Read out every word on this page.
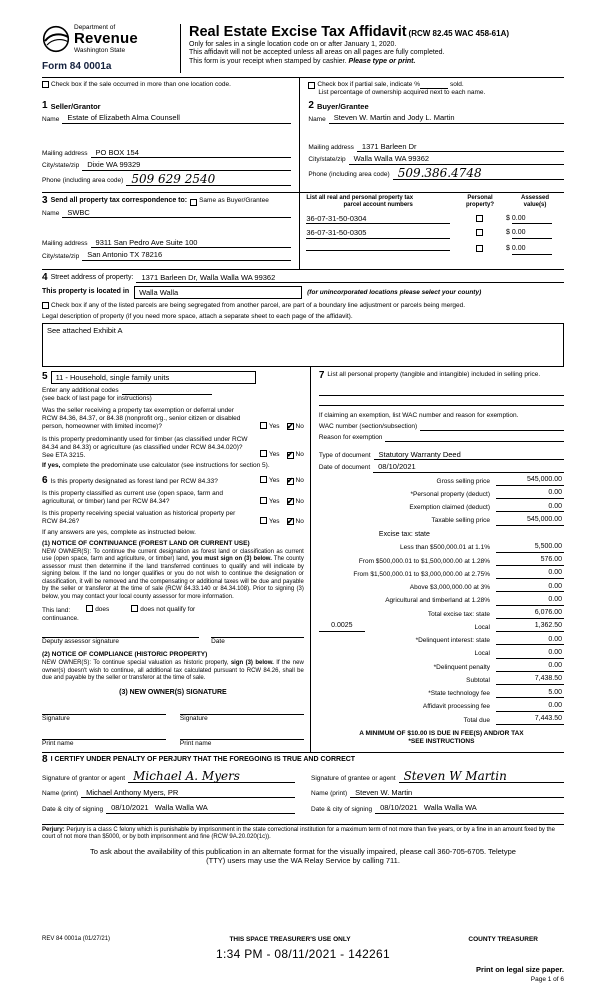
Department of
Revenue
Washington State
Form 84 0001a
Real Estate Excise Tax Affidavit (RCW 82.45 WAC 458-61A)
Only for sales in a single location code on or after January 1, 2020.
This affidavit will not be accepted unless all areas on all pages are fully completed.
This form is your receipt when stamped by cashier. Please type or print.
Check box if the sale occurred in more than one location code.	Check box if partial sale, indicate %	sold.
List percentage of ownership acquired next to each name.
1 Seller/Grantor
Name	Estate of Elizabeth Alma Counsell
Mailing address	PO BOX 154
City/state/zip	Dixie WA 99329
Phone (including area code) 509 629 2540
2 Buyer/Grantee
Name	Steven W. Martin and Jody L. Martin
Mailing address	1371 Barleen Dr
City/state/zip	Walla Walla WA 99362
Phone (including area code) 509.386.4748
3 Send all property tax correspondence to: Same as Buyer/Grantee
Name	SWBC
Mailing address	9311 San Pedro Ave Suite 100
City/state/zip	San Antonio TX 78216
List all real and personal property tax
parcel account numbers
Personal
property?
Assessed
value(s)
36-07-31-50-0304	$ 0.00
36-07-31-50-0305	$ 0.00
$ 0.00
4 Street address of property:	1371 Barleen Dr, Walla Walla WA 99362
This property is located in	Walla Walla	(for unincorporated locations please select your county)
Check box if any of the listed parcels are being segregated from another parcel, are part of a boundary line adjustment or parcels being merged.
Legal description of property (if you need more space, attach a separate sheet to each page of the affidavit).
See attached Exhibit A
5	11 - Household, single family units
Enter any additional codes
(see back of last page for instructions)
Was the seller receiving a property tax exemption or deferral under RCW 84.36, 84.37, or 84.38 (nonprofit org., senior citizen or disabled person, homeowner with limited income)?	Yes ✔ No
Is this property predominantly used for timber (as classified under RCW 84.34 and 84.33) or agriculture (as classified under RCW 84.34.020)? See ETA 3215.	Yes ✔ No
If yes, complete the predominate use calculator (see instructions for section 5).
6 Is this property designated as forest land per RCW 84.33?	Yes ✔ No
Is this property classified as current use (open space, farm and agricultural, or timber) land per RCW 84.34?	Yes ✔ No
Is this property receiving special valuation as historical property per RCW 84.26?	Yes ✔ No
If any answers are yes, complete as instructed below.
(1) NOTICE OF CONTINUANCE (FOREST LAND OR CURRENT USE)
NEW OWNER(S): To continue the current designation as forest land or classification as current use (open space, farm and agriculture, or timber) land, you must sign on (3) below. The county assessor must then determine if the land transferred continues to qualify and will indicate by signing below. If the land no longer qualifies or you do not wish to continue the designation or classification, it will be removed and the compensating or additional taxes will be due and payable by the seller or transferor at the time of sale (RCW 84.33.140 or 84.34.108). Prior to signing (3) below, you may contact your local county assessor for more information.
This land:	does	does not qualify for
continuance.
Deputy assessor signature	Date
(2) NOTICE OF COMPLIANCE (HISTORIC PROPERTY)
NEW OWNER(S): To continue special valuation as historic property, sign (3) below. If the new owner(s) doesn't wish to continue, all additional tax calculated pursuant to RCW 84.26, shall be due and payable by the seller or transferor at the time of sale.
(3) NEW OWNER(S) SIGNATURE
Signature	Signature
Print name	Print name
7 List all personal property (tangible and intangible) included in selling price.
If claiming an exemption, list WAC number and reason for exemption.
WAC number (section/subsection)
Reason for exemption
Type of document	Statutory Warranty Deed
Date of document	08/10/2021
Gross selling price	545,000.00
*Personal property (deduct)	0.00
Exemption claimed (deduct)	0.00
Taxable selling price	545,000.00
Excise tax: state
Less than $500,000.01 at 1.1%	5,500.00
From $500,000.01 to $1,500,000.00 at 1.28%	576.00
From $1,500,000.01 to $3,000,000.00 at 2.75%	0.00
Above $3,000,000.00 at 3%	0.00
Agricultural and timberland at 1.28%	0.00
Total excise tax: state	6,076.00
0.0025	Local	1,362.50
*Delinquent interest: state	0.00
Local	0.00
*Delinquent penalty	0.00
Subtotal	7,438.50
*State technology fee	5.00
Affidavit processing fee	0.00
Total due	7,443.50
A MINIMUM OF $10.00 IS DUE IN FEE(S) AND/OR TAX
*SEE INSTRUCTIONS
8 I CERTIFY UNDER PENALTY OF PERJURY THAT THE FOREGOING IS TRUE AND CORRECT
Signature of grantor or agent Michael A. Myers
Name (print)	Michael Anthony Myers, PR
Date & city of signing	08/10/2021 Walla Walla WA
Signature of grantee or agent Steven W Martin
Name (print)	Steven W. Martin
Date & city of signing	08/10/2021 Walla Walla WA
Perjury: Perjury is a class C felony which is punishable by imprisonment in the state correctional institution for a maximum term of not more than five years, or by a fine in an amount fixed by the court of not more than $5000, or by both imprisonment and fine (RCW 9A.20.020(1c)).
To ask about the availability of this publication in an alternate format for the visually impaired, please call 360-705-6705. Teletype
(TTY) users may use the WA Relay Service by calling 711.
REV 84 0001a (01/27/21)	THIS SPACE TREASURER'S USE ONLY	COUNTY TREASURER
1:34 PM - 08/11/2021 - 142261
Print on legal size paper.
Page 1 of 6
